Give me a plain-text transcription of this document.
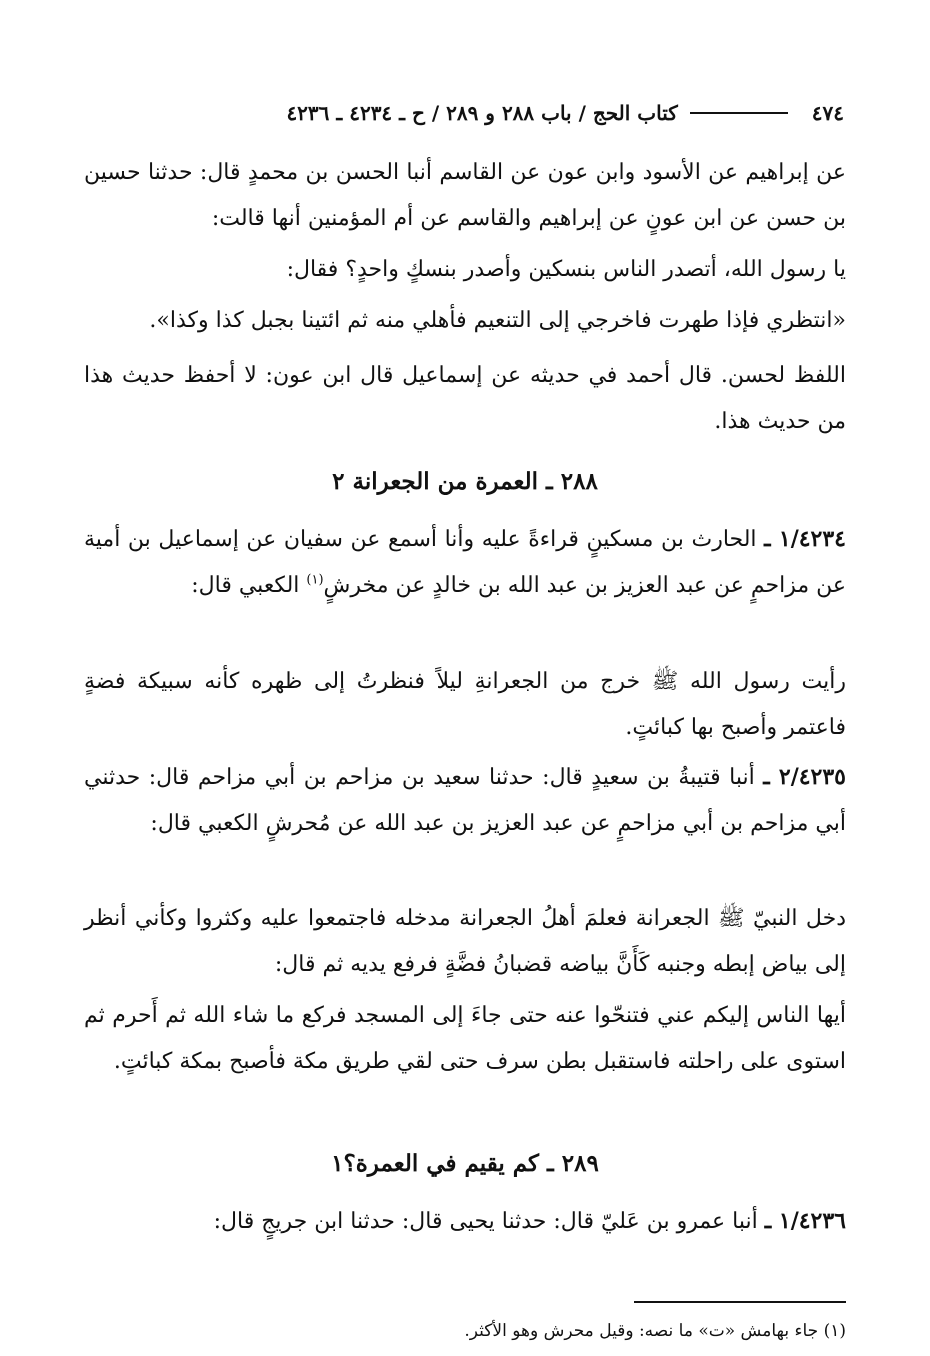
٤٧٤
كتاب الحج / باب ٢٨٨ و ٢٨٩ / ح ـ ٤٢٣٤ ـ ٤٢٣٦
عن إبراهيم عن الأسود وابن عون عن القاسم أنبا الحسن بن محمدٍ قال: حدثنا حسين بن حسن عن ابن عونٍ عن إبراهيم والقاسم عن أم المؤمنين أنها قالت:
يا رسول الله، أتصدر الناس بنسكين وأصدر بنسكٍ واحدٍ؟ فقال:
«انتظري فإذا طهرت فاخرجي إلى التنعيم فأهلي منه ثم ائتينا بجبل كذا وكذا».
اللفظ لحسن. قال أحمد في حديثه عن إسماعيل قال ابن عون: لا أحفظ حديث هذا من حديث هذا.
٢٨٨ ـ العمرة من الجعرانة ٢
١/٤٢٣٤ ـ الحارث بن مسكينٍ قراءةً عليه وأنا أسمع عن سفيان عن إسماعيل بن أمية عن مزاحمٍ عن عبد العزيز بن عبد الله بن خالدٍ عن مخرشٍ$^{(١)}$ الكعبي قال:
رأيت رسول الله ﷺ خرج من الجعرانةِ ليلاً فنظرتُ إلى ظهره كأنه سبيكة فضةٍ فاعتمر وأصبح بها كبائتٍ.
٢/٤٢٣٥ ـ أنبا قتيبةُ بن سعيدٍ قال: حدثنا سعيد بن مزاحم بن أبي مزاحم قال: حدثني أبي مزاحم بن أبي مزاحمٍ عن عبد العزيز بن عبد الله عن مُحرشٍ الكعبي قال:
دخل النبيّ ﷺ الجعرانة فعلمَ أهلُ الجعرانة مدخله فاجتمعوا عليه وكثروا وكأني أنظر إلى بياض إبطه وجنبه كَأَنَّ بياضه قضبانُ فضَّةٍ فرفع يديه ثم قال:
أيها الناس إليكم عني فتنحّوا عنه حتى جاءَ إلى المسجد فركع ما شاء الله ثم أَحرم ثم استوى على راحلته فاستقبل بطن سرف حتى لقي طريق مكة فأصبح بمكة كبائتٍ.
٢٨٩ ـ كم يقيم في العمرة؟١
١/٤٢٣٦ ـ أنبا عمرو بن عَليّ قال: حدثنا يحيى قال: حدثنا ابن جريجٍ قال:
(١) جاء بهامش «ت» ما نصه: وقيل محرش وهو الأكثر.
